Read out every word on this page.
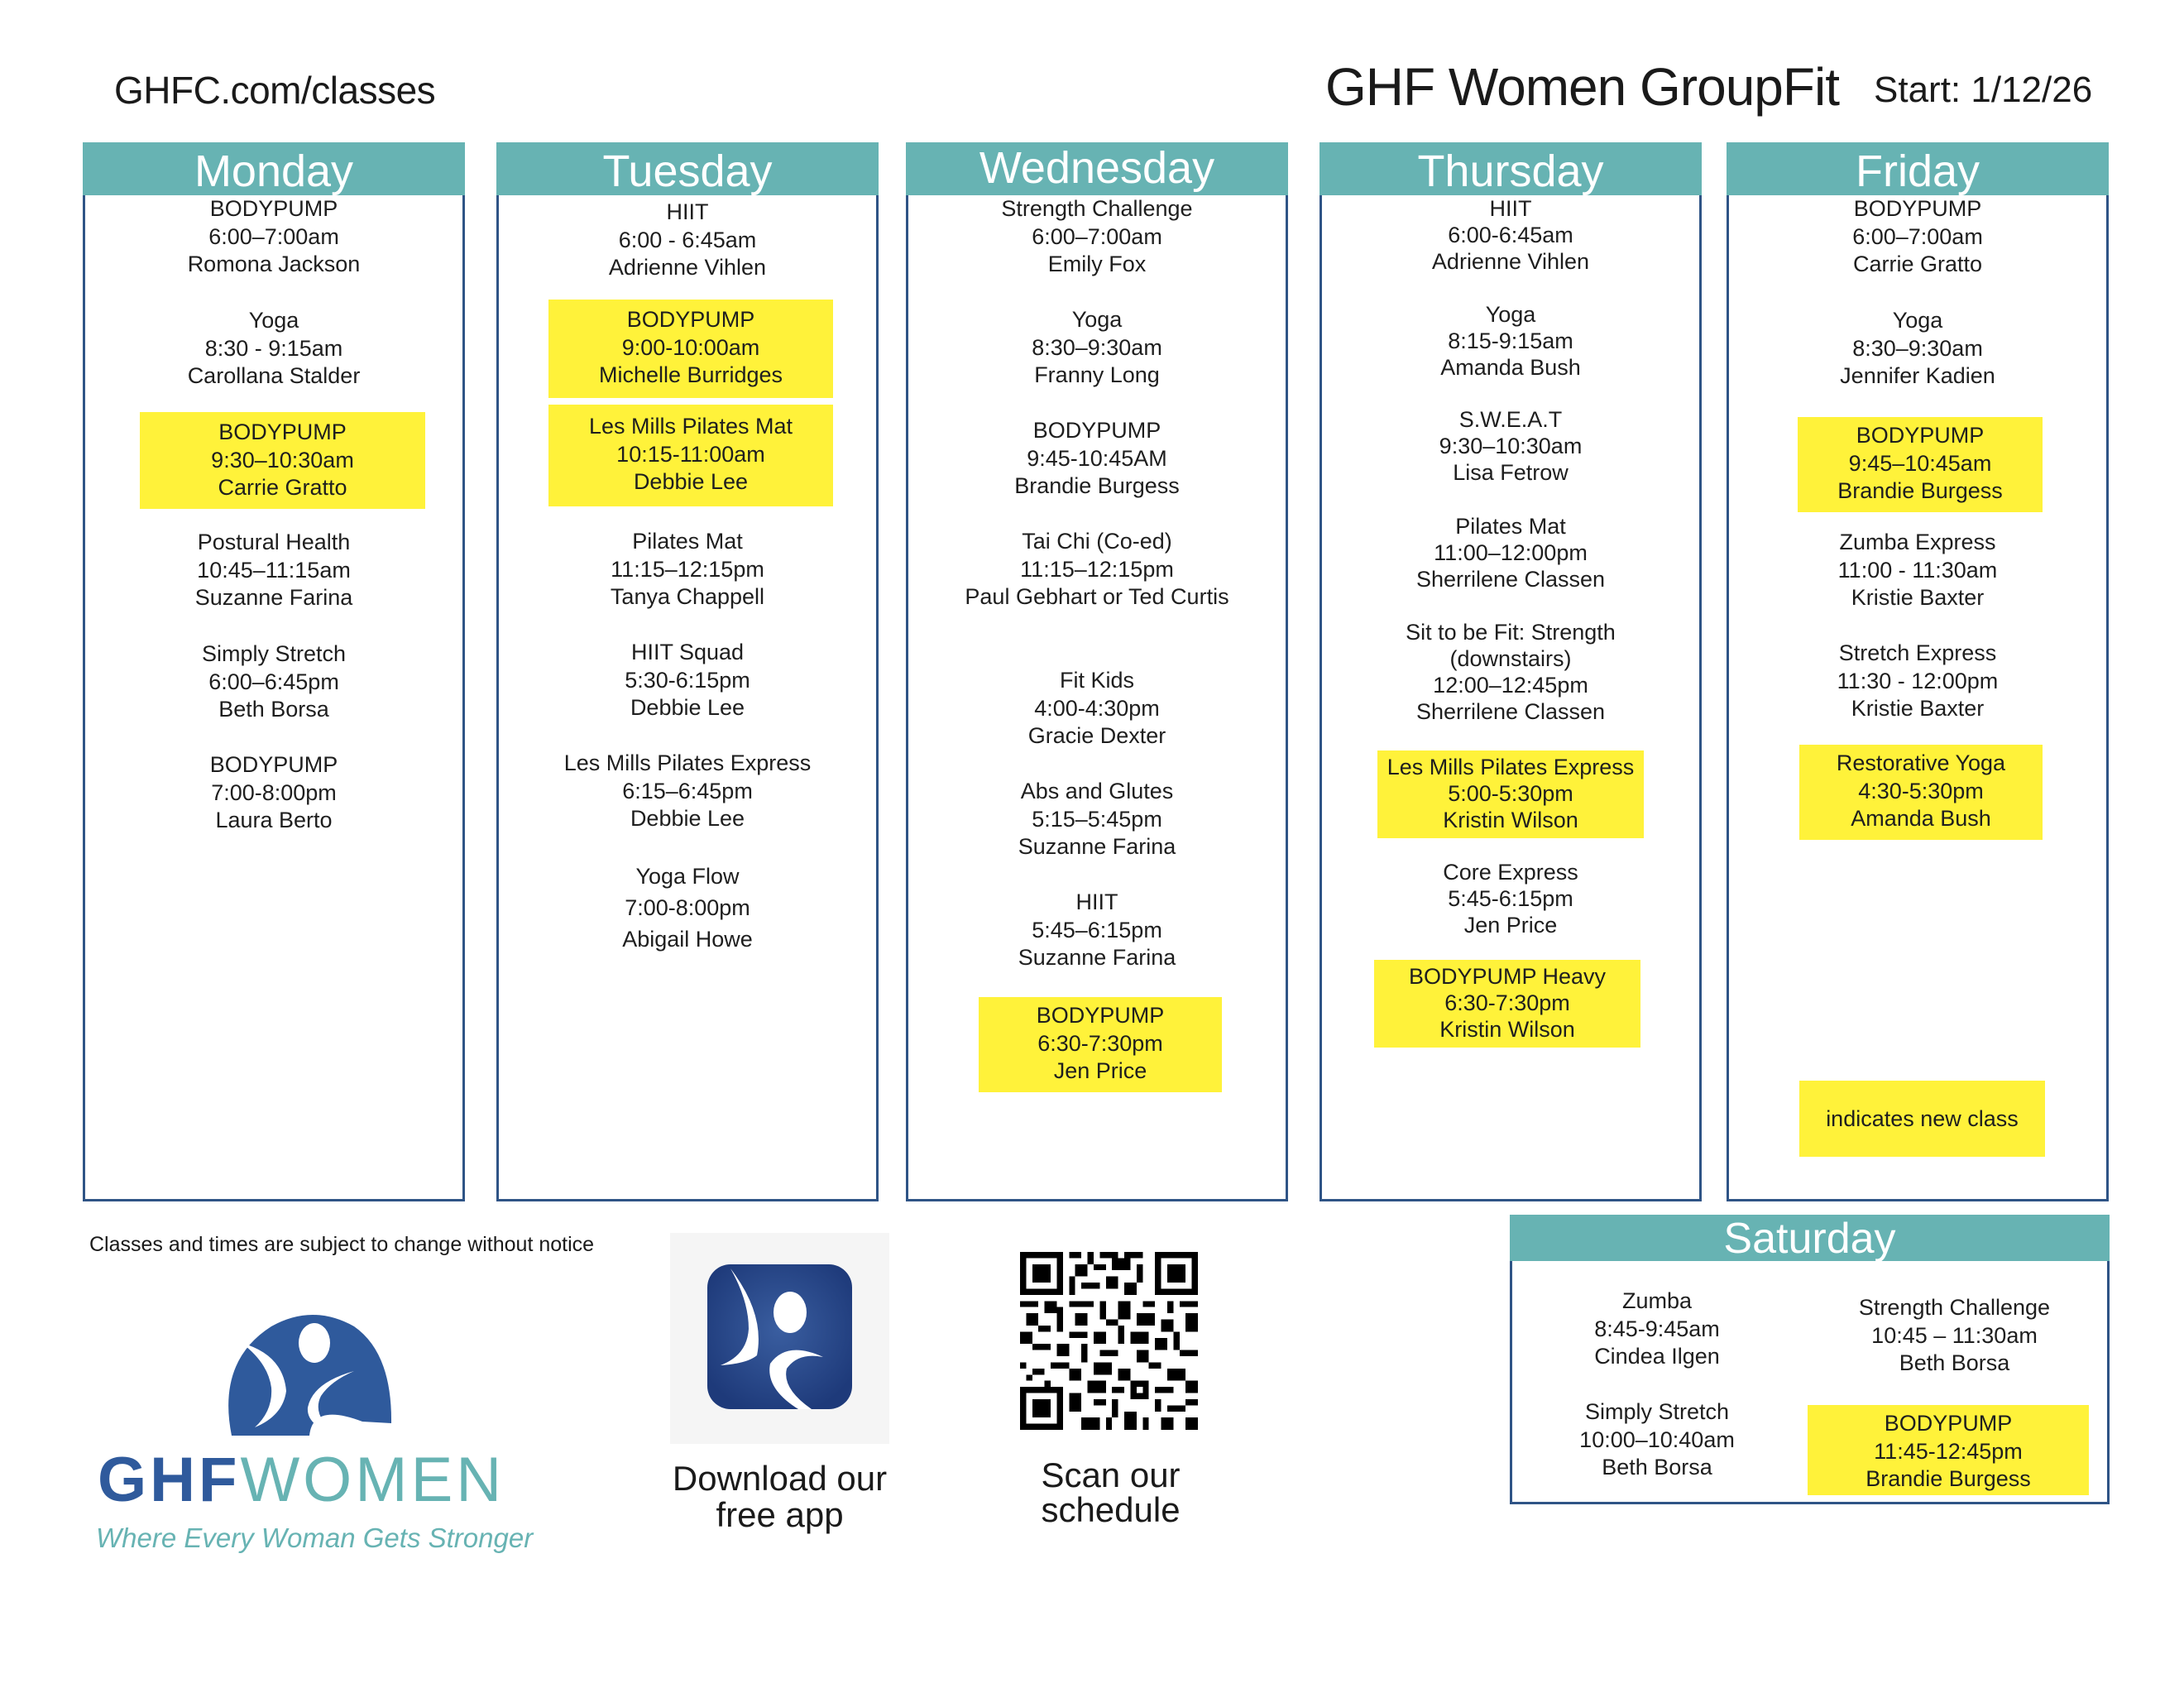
GHFC.com/classes	GHF Women GroupFit Start: 1/12/26
Monday
BODYPUMP
6:00–7:00am
Romona Jackson
Yoga
8:30 - 9:15am
Carollana Stalder
BODYPUMP
9:30–10:30am
Carrie Gratto
Postural Health
10:45–11:15am
Suzanne Farina
Simply Stretch
6:00–6:45pm
Beth Borsa
BODYPUMP
7:00-8:00pm
Laura Berto
Tuesday
HIIT
6:00 - 6:45am
Adrienne Vihlen
BODYPUMP
9:00-10:00am
Michelle Burridges
Les Mills Pilates Mat
10:15-11:00am
Debbie Lee
Pilates Mat
11:15–12:15pm
Tanya Chappell
HIIT Squad
5:30-6:15pm
Debbie Lee
Les Mills Pilates Express
6:15–6:45pm
Debbie Lee
Yoga Flow
7:00-8:00pm
Abigail Howe
Wednesday
Strength Challenge
6:00–7:00am
Emily Fox
Yoga
8:30–9:30am
Franny Long
BODYPUMP
9:45-10:45AM
Brandie Burgess
Tai Chi (Co-ed)
11:15–12:15pm
Paul Gebhart or Ted Curtis
Fit Kids
4:00-4:30pm
Gracie Dexter
Abs and Glutes
5:15–5:45pm
Suzanne Farina
HIIT
5:45–6:15pm
Suzanne Farina
BODYPUMP
6:30-7:30pm
Jen Price
Thursday
HIIT
6:00-6:45am
Adrienne Vihlen
Yoga
8:15-9:15am
Amanda Bush
S.W.E.A.T
9:30–10:30am
Lisa Fetrow
Pilates Mat
11:00–12:00pm
Sherrilene Classen
Sit to be Fit: Strength (downstairs)
12:00–12:45pm
Sherrilene Classen
Les Mills Pilates Express
5:00-5:30pm
Kristin Wilson
Core Express
5:45-6:15pm
Jen Price
BODYPUMP Heavy
6:30-7:30pm
Kristin Wilson
Friday
BODYPUMP
6:00–7:00am
Carrie Gratto
Yoga
8:30–9:30am
Jennifer Kadien
BODYPUMP
9:45–10:45am
Brandie Burgess
Zumba Express
11:00 - 11:30am
Kristie Baxter
Stretch Express
11:30 - 12:00pm
Kristie Baxter
Restorative Yoga
4:30-5:30pm
Amanda Bush
indicates new class
Saturday
Zumba
8:45-9:45am
Cindea Ilgen
Strength Challenge
10:45 – 11:30am
Beth Borsa
Simply Stretch
10:00–10:40am
Beth Borsa
BODYPUMP
11:45-12:45pm
Brandie Burgess
Classes and times are subject to change without notice
GHFWOMEN
Where Every Woman Gets Stronger
Download our
free app
Scan our
schedule
